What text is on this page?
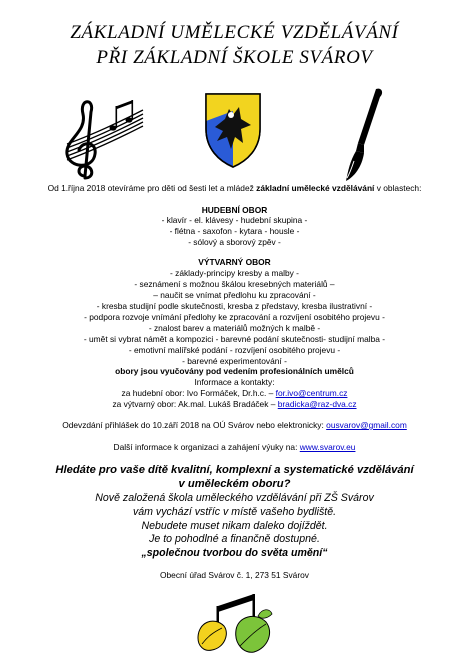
ZÁKLADNÍ UMĚLECKÉ VZDĚLÁVÁNÍ
PŘI ZÁKLADNÍ ŠKOLE SVÁROV
Od 1.října 2018 otevíráme pro děti od šesti let a mládež základní umělecké vzdělávání v oblastech:
HUDEBNÍ OBOR
- klavír - el. klávesy - hudební skupina -
- flétna - saxofon - kytara - housle -
- sólový a sborový zpěv -
VÝTVARNÝ OBOR
- základy-principy kresby a malby -
- seznámení s možnou škálou kresebných materiálů –
– naučit se vnímat předlohu ku zpracování -
- kresba studijní podle skutečnosti, kresba z představy, kresba ilustrativní -
- podpora rozvoje vnímání předlohy ke zpracování a rozvíjení osobitého projevu -
- znalost barev a materiálů možných k malbě -
- umět si vybrat námět a kompozici - barevné podání skutečnosti- studijní malba -
- emotivní malířské podání - rozvíjení osobitého projevu -
- barevné experimentování -
obory jsou vyučovány pod vedením profesionálních umělců
Informace a kontakty:
za hudební obor: Ivo Formáček, Dr.h.c. – for.ivo@centrum.cz
za výtvarný obor: Ak.mal. Lukáš Bradáček – bradicka@raz-dva.cz
Odevzdání přihlášek do 10.září 2018 na OÚ Svárov nebo elektronicky: ousvarov@gmail.com
Další informace k organizaci a zahájení výuky na: www.svarov.eu
Hledáte pro vaše dítě kvalitní, komplexní a systematické vzdělávání
v uměleckém oboru?
Nově založená škola uměleckého vzdělávání při ZŠ Svárov
vám vychází vstříc v místě vašeho bydliště.
Nebudete muset nikam daleko dojíždět.
Je to pohodlné a finančně dostupné.
„společnou tvorbou do světa umění“
Obecní úřad Svárov č. 1, 273 51 Svárov
